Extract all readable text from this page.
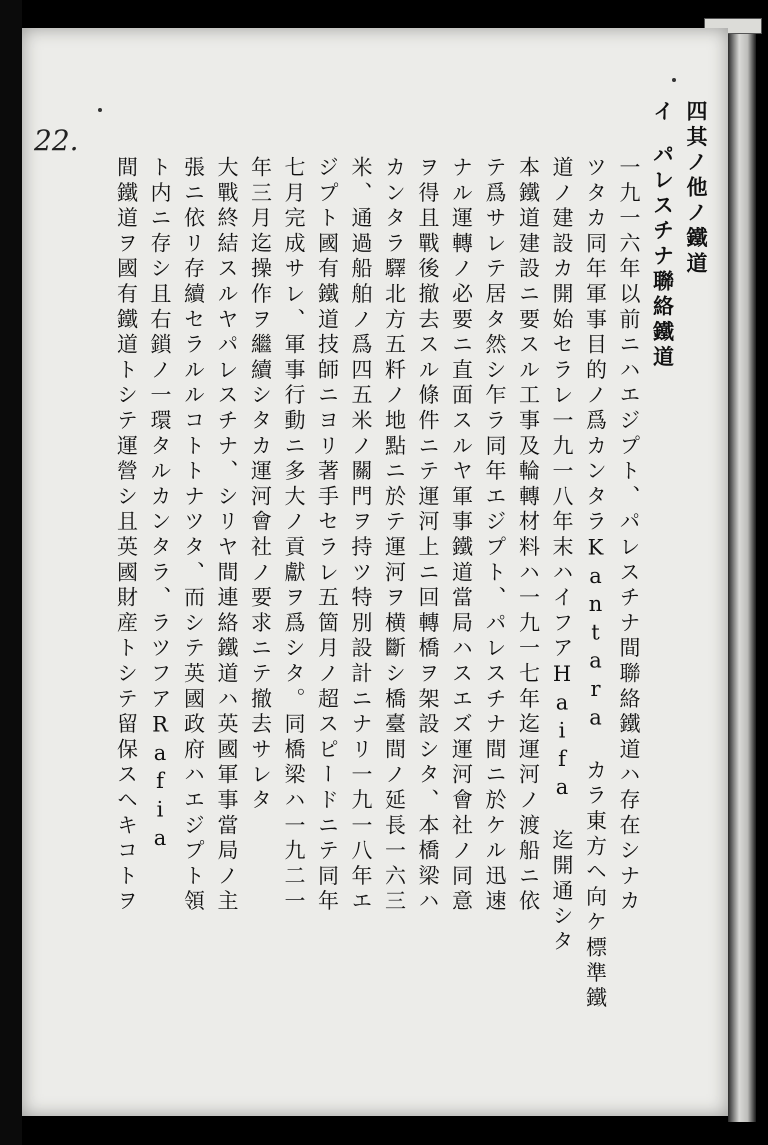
22.
四其ノ他ノ鐵道
イパレスチナ聯絡鐵道
一九一六年以前ニハエジプト、パレスチナ間聯絡鐵道ハ存在シナカ
ツタカ同年軍事目的ノ爲カンタラKantara　カラ東方ヘ向ケ標準鐵
道ノ建設カ開始セラレ一九一八年末ハイフアHaifa　迄開通シタ
本鐵道建設ニ要スル工事及輪轉材料ハ一九一七年迄運河ノ渡船ニ依
テ爲サレテ居タ然シ乍ラ同年エジプト、パレスチナ間ニ於ケル迅速
ナル運轉ノ必要ニ直面スルヤ軍事鐵道當局ハスエズ運河會社ノ同意
ヲ得且戰後撤去スル條件ニテ運河上ニ回轉橋ヲ架設シタ、本橋梁ハ
カンタラ驛北方五粁ノ地點ニ於テ運河ヲ横斷シ橋臺間ノ延長一六三
米、通過船舶ノ爲四五米ノ關門ヲ持ツ特別設計ニナリ一九一八年エ
ジプト國有鐵道技師ニヨリ著手セラレ五箇月ノ超スピードニテ同年
七月完成サレ、軍事行動ニ多大ノ貢獻ヲ爲シタ。同橋梁ハ一九二一
年三月迄操作ヲ繼續シタカ運河會社ノ要求ニテ撤去サレタ
大戰終結スルヤパレスチナ、シリヤ間連絡鐵道ハ英國軍事當局ノ主
張ニ依リ存續セラルルコトトナツタ、而シテ英國政府ハエジプト領
ト内ニ存シ且右鎖ノ一環タルカンタラ、ラツフアRafia
間鐵道ヲ國有鐵道トシテ運營シ且英國財産トシテ留保スヘキコトヲ
